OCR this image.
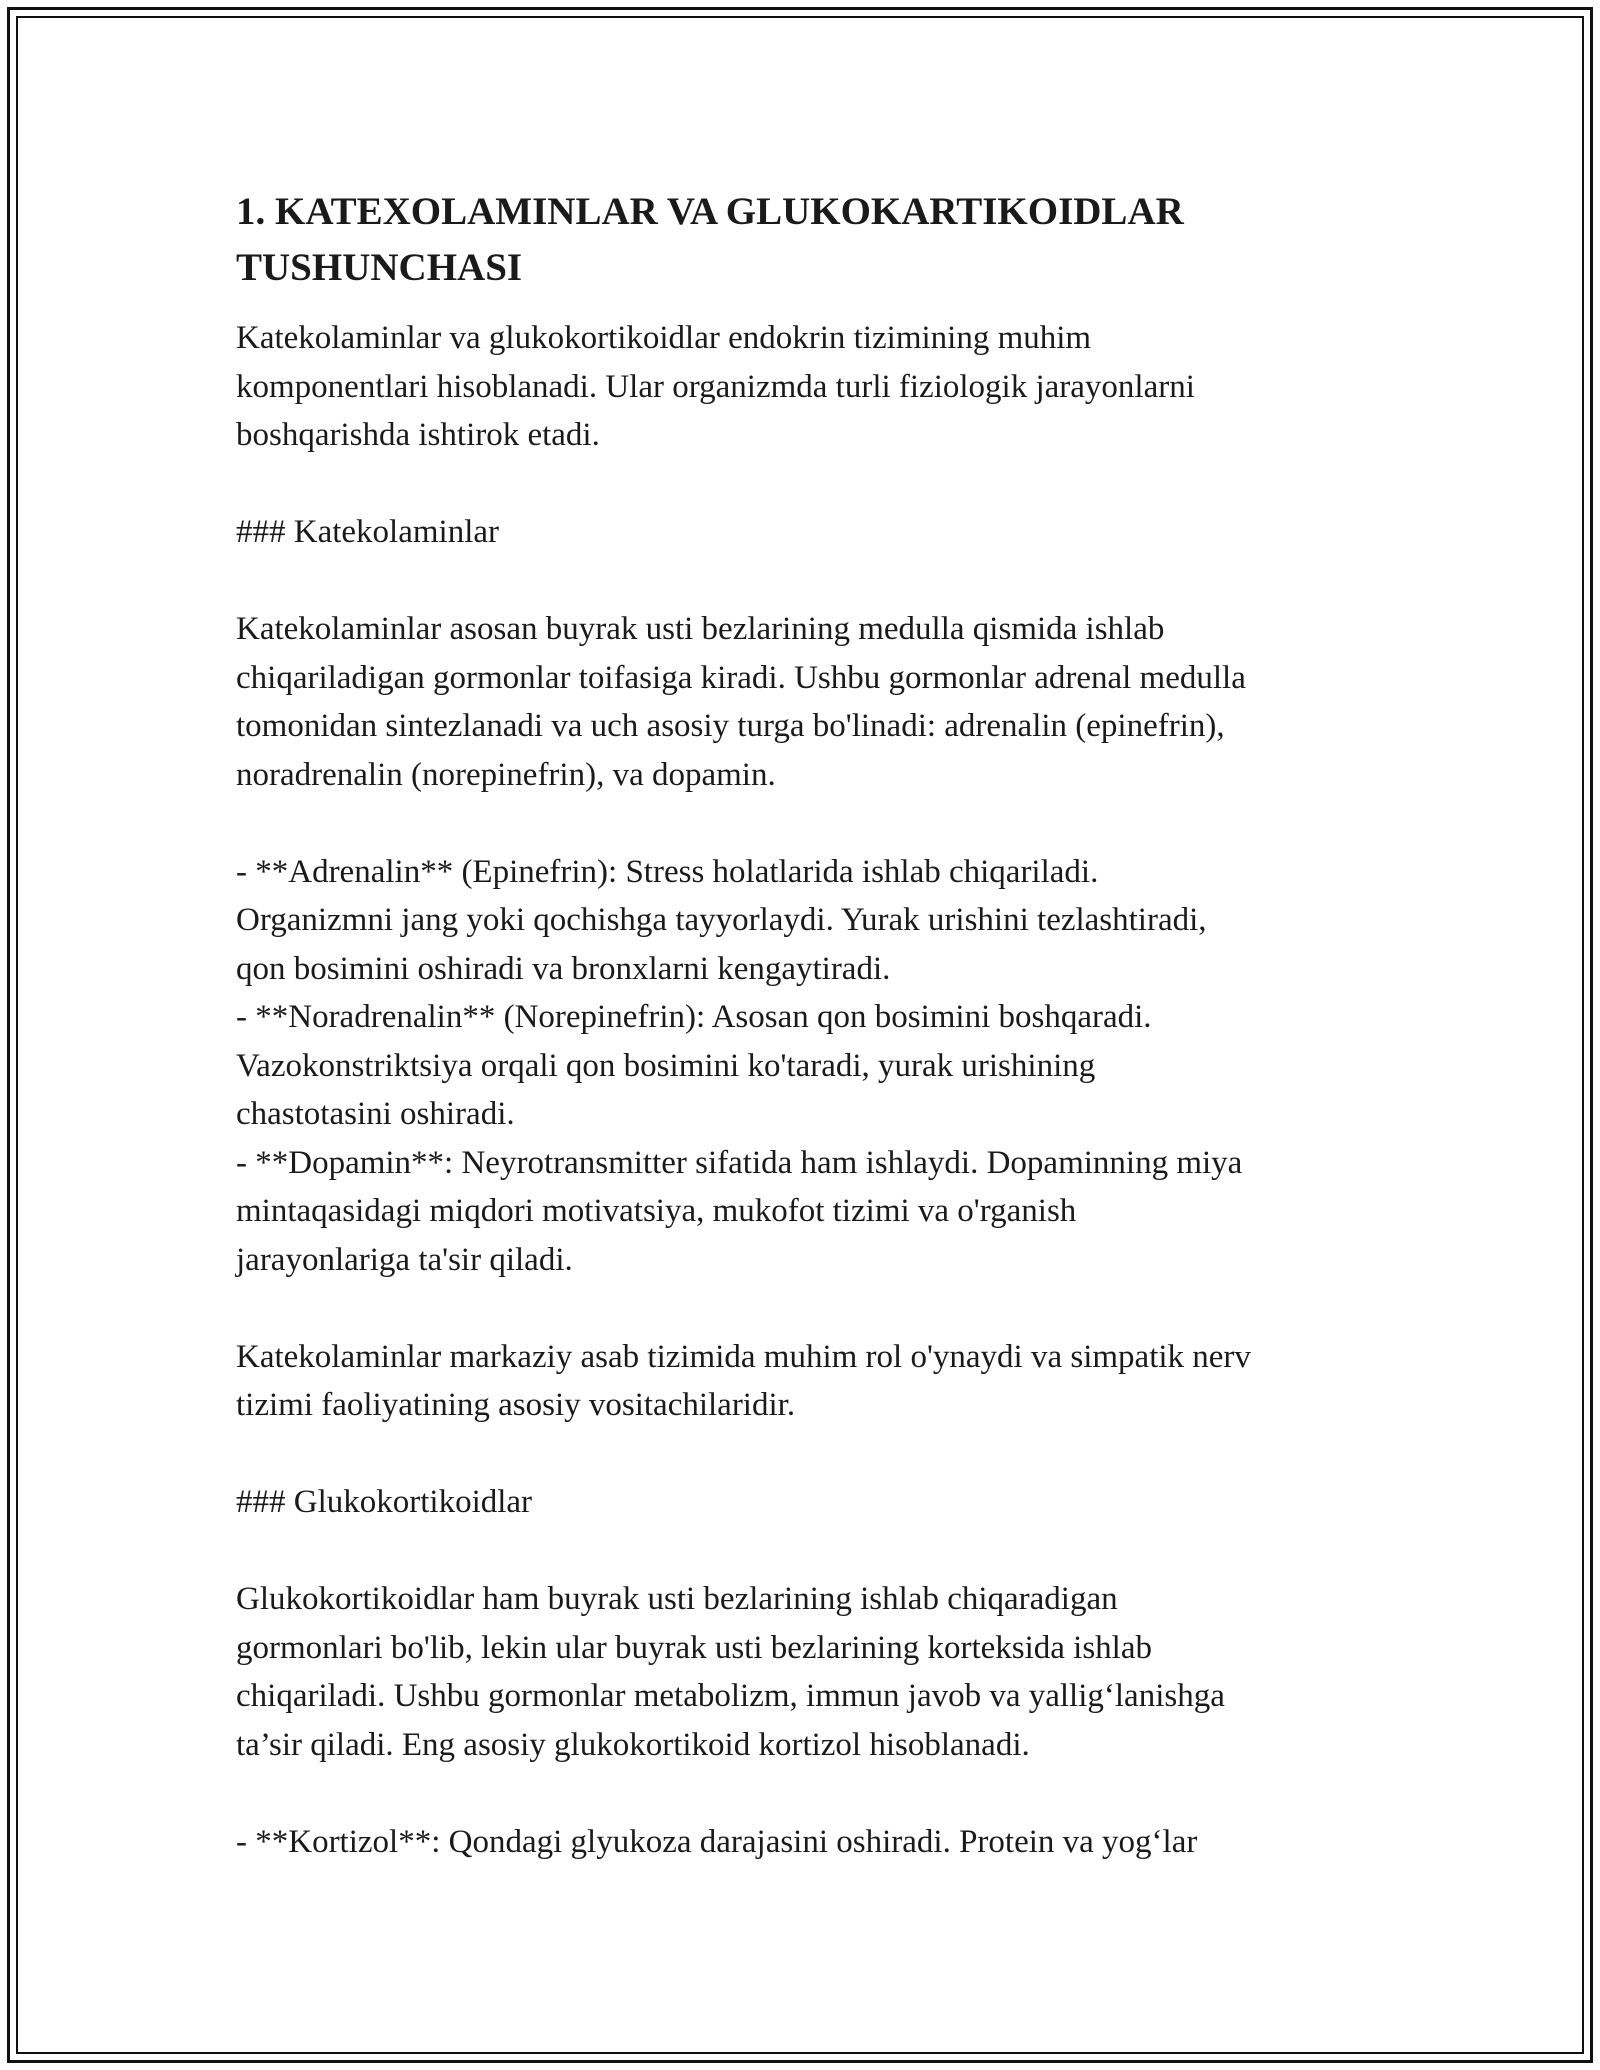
1. KATEXOLAMINLAR VA GLUKOKARTIKOIDLAR TUSHUNCHASI
Katekolaminlar va glukokortikoidlar endokrin tizimining muhim
komponentlari hisoblanadi. Ular organizmda turli fiziologik jarayonlarni
boshqarishda ishtirok etadi.

### Katekolaminlar

Katekolaminlar asosan buyrak usti bezlarining medulla qismida ishlab
chiqariladigan gormonlar toifasiga kiradi. Ushbu gormonlar adrenal medulla
tomonidan sintezlanadi va uch asosiy turga bo'linadi: adrenalin (epinefrin),
noradrenalin (norepinefrin), va dopamin.

- **Adrenalin** (Epinefrin): Stress holatlarida ishlab chiqariladi.
Organizmni jang yoki qochishga tayyorlaydi. Yurak urishini tezlashtiradi,
qon bosimini oshiradi va bronxlarni kengaytiradi.
- **Noradrenalin** (Norepinefrin): Asosan qon bosimini boshqaradi.
Vazokonstriktsiya orqali qon bosimini ko'taradi, yurak urishining
chastotasini oshiradi.
- **Dopamin**: Neyrotransmitter sifatida ham ishlaydi. Dopaminning miya
mintaqasidagi miqdori motivatsiya, mukofot tizimi va o'rganish
jarayonlariga ta'sir qiladi.

Katekolaminlar markaziy asab tizimida muhim rol o'ynaydi va simpatik nerv
tizimi faoliyatining asosiy vositachilaridir.

### Glukokortikoidlar

Glukokortikoidlar ham buyrak usti bezlarining ishlab chiqaradigan
gormonlari bo'lib, lekin ular buyrak usti bezlarining korteksida ishlab
chiqariladi. Ushbu gormonlar metabolizm, immun javob va yallig‘lanishga
ta’sir qiladi. Eng asosiy glukokortikoid kortizol hisoblanadi.

- **Kortizol**: Qondagi glyukoza darajasini oshiradi. Protein va yog‘lar
